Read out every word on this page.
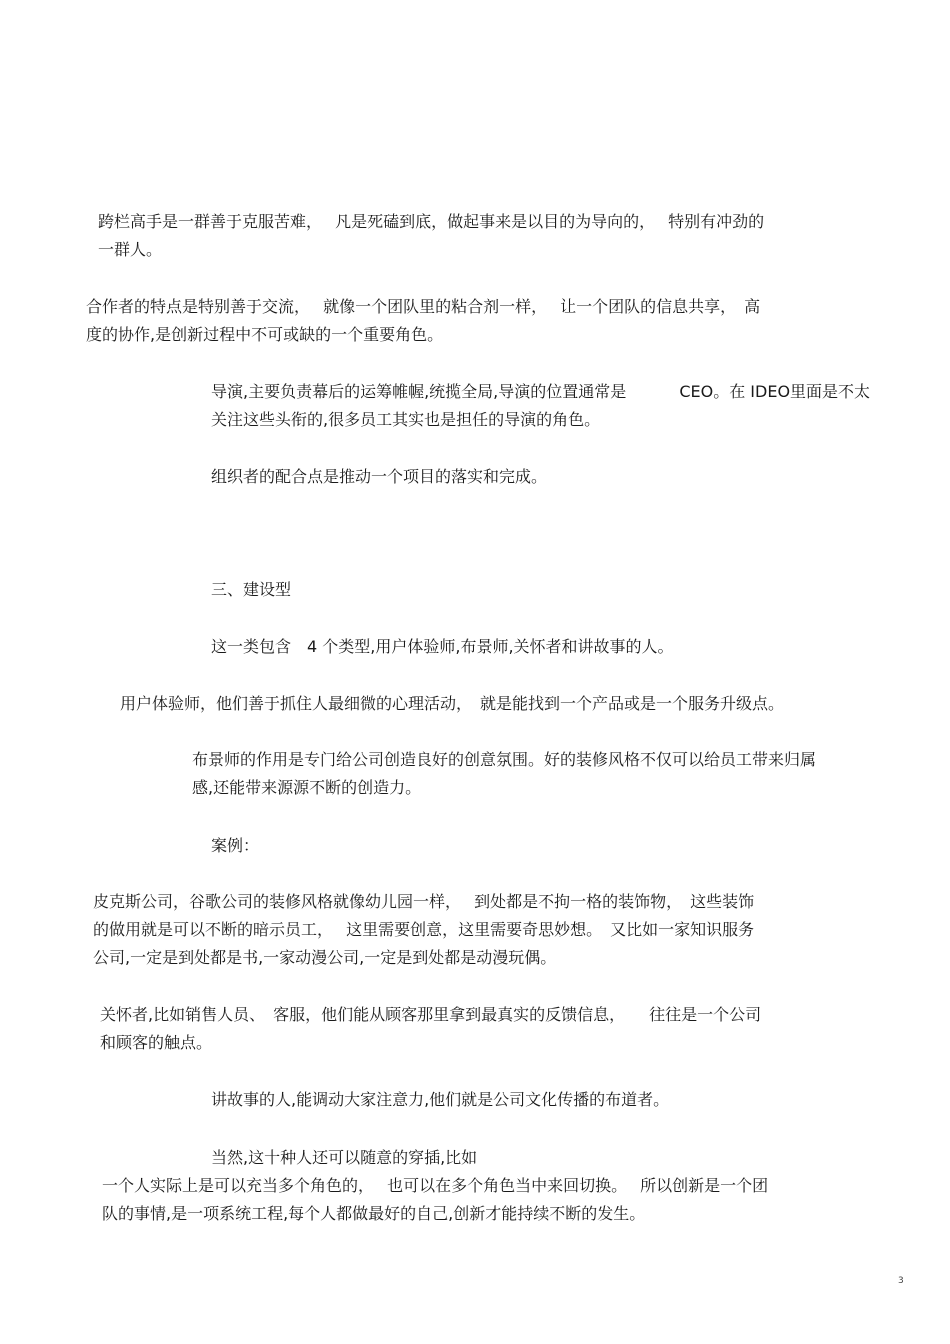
跨栏高手是一群善于克服苦难，　 凡是死磕到底，做起事来是以目的为导向的，　 特别有冲劲的
一群人。
合作者的特点是特别善于交流，　 就像一个团队里的粘合剂一样，　 让一个团队的信息共享，　高
度的协作,是创新过程中不可或缺的一个重要角色。
导演,主要负责幕后的运筹帷幄,统揽全局,导演的位置通常是　　　 CEO。在 IDEO里面是不太
关注这些头衔的,很多员工其实也是担任的导演的角色。
组织者的配合点是推动一个项目的落实和完成。
三、建设型
这一类包含　4 个类型,用户体验师,布景师,关怀者和讲故事的人。
用户体验师，他们善于抓住人最细微的心理活动，　就是能找到一个产品或是一个服务升级点。
布景师的作用是专门给公司创造良好的创意氛围。好的装修风格不仅可以给员工带来归属
感,还能带来源源不断的创造力。
案例：
皮克斯公司，谷歌公司的装修风格就像幼儿园一样，　 到处都是不拘一格的装饰物，　这些装饰
的做用就是可以不断的暗示员工，　 这里需要创意，这里需要奇思妙想。　又比如一家知识服务
公司,一定是到处都是书,一家动漫公司,一定是到处都是动漫玩偶。
关怀者,比如销售人员、　客服，他们能从顾客那里拿到最真实的反馈信息，　　往往是一个公司
和顾客的触点。
讲故事的人,能调动大家注意力,他们就是公司文化传播的布道者。
当然,这十种人还可以随意的穿插,比如
一个人实际上是可以充当多个角色的，　 也可以在多个角色当中来回切换。　 所以创新是一个团
队的事情,是一项系统工程,每个人都做最好的自己,创新才能持续不断的发生。
3
